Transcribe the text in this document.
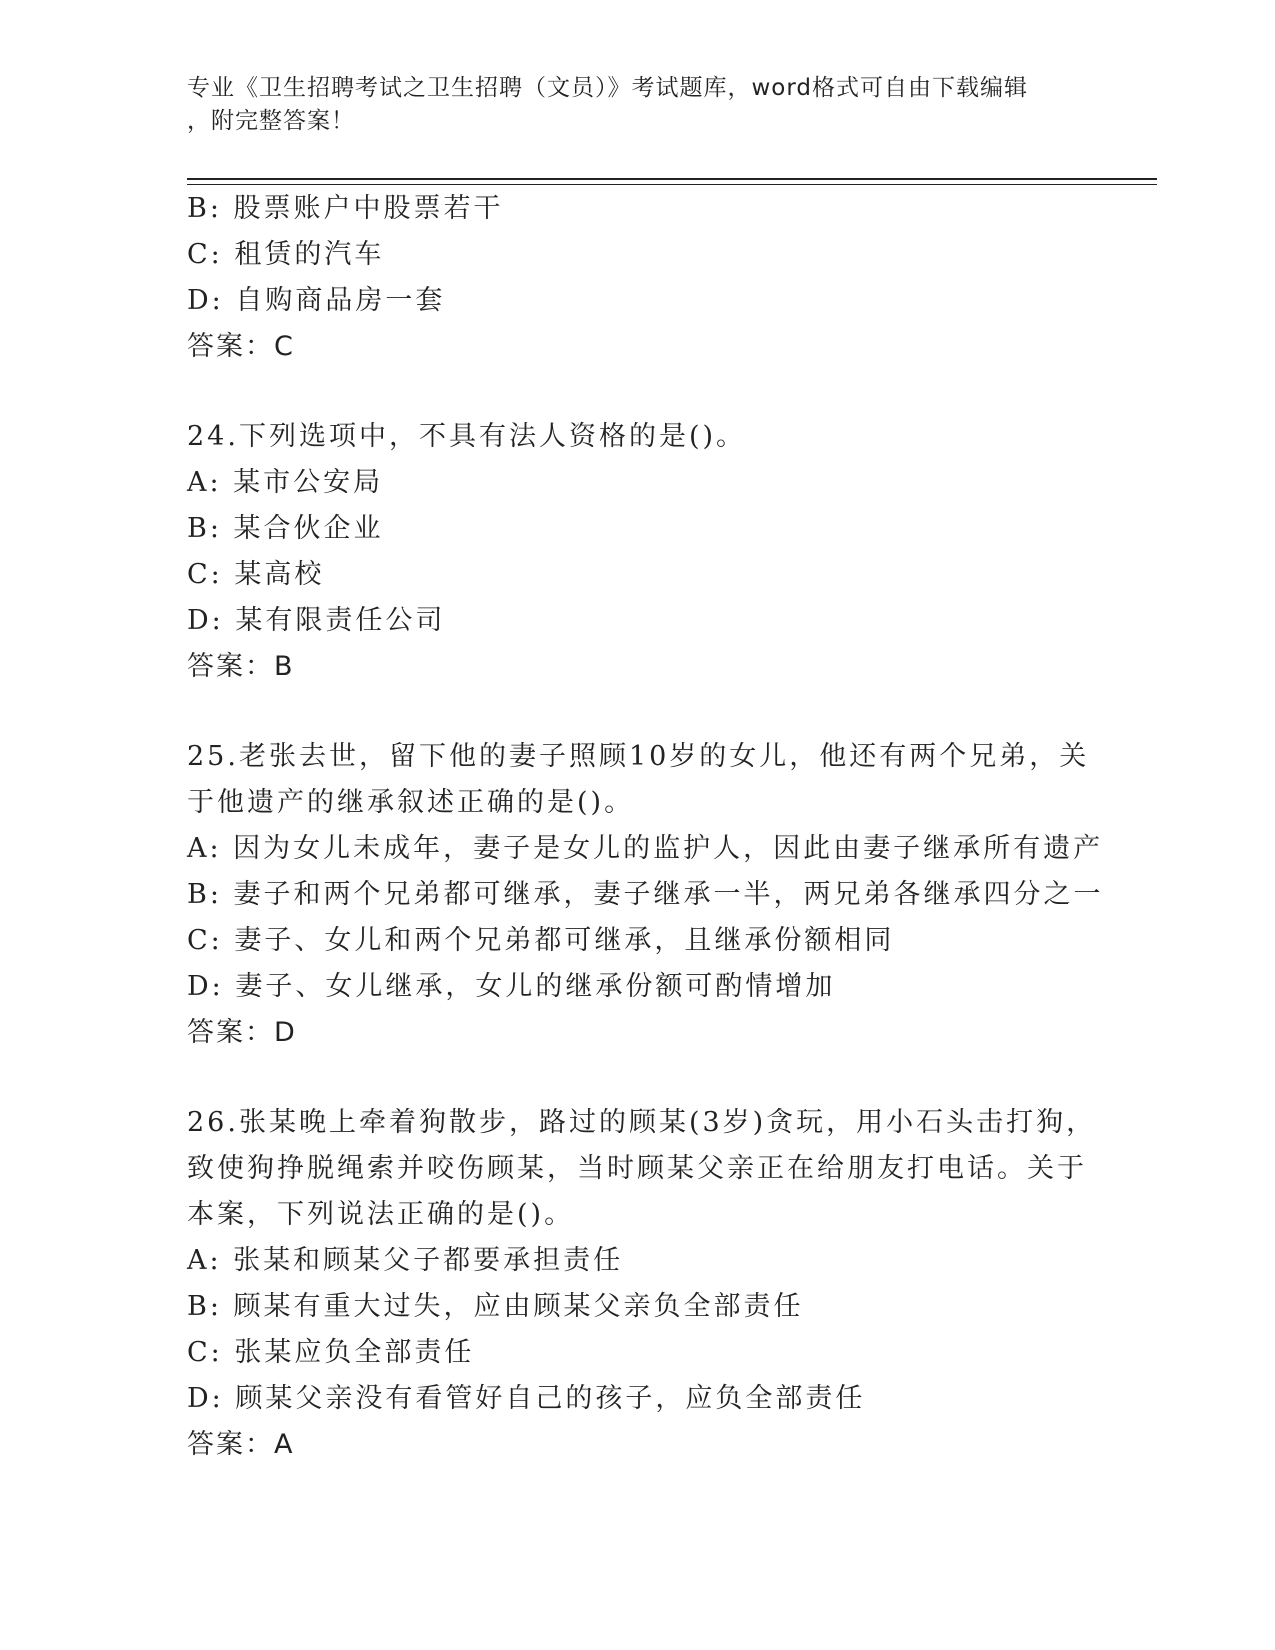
专业《卫生招聘考试之卫生招聘（文员）》考试题库，word格式可自由下载编辑
，附完整答案！
B: 股票账户中股票若干
C: 租赁的汽车
D: 自购商品房一套
答案：C
24.下列选项中，不具有法人资格的是()。
A: 某市公安局
B: 某合伙企业
C: 某高校
D: 某有限责任公司
答案：B
25.老张去世，留下他的妻子照顾10岁的女儿，他还有两个兄弟，关
于他遗产的继承叙述正确的是()。
A: 因为女儿未成年，妻子是女儿的监护人，因此由妻子继承所有遗产
B: 妻子和两个兄弟都可继承，妻子继承一半，两兄弟各继承四分之一
C: 妻子、女儿和两个兄弟都可继承，且继承份额相同
D: 妻子、女儿继承，女儿的继承份额可酌情增加
答案：D
26.张某晚上牵着狗散步，路过的顾某(3岁)贪玩，用小石头击打狗，
致使狗挣脱绳索并咬伤顾某，当时顾某父亲正在给朋友打电话。关于
本案，下列说法正确的是()。
A: 张某和顾某父子都要承担责任
B: 顾某有重大过失，应由顾某父亲负全部责任
C: 张某应负全部责任
D: 顾某父亲没有看管好自己的孩子，应负全部责任
答案：A
